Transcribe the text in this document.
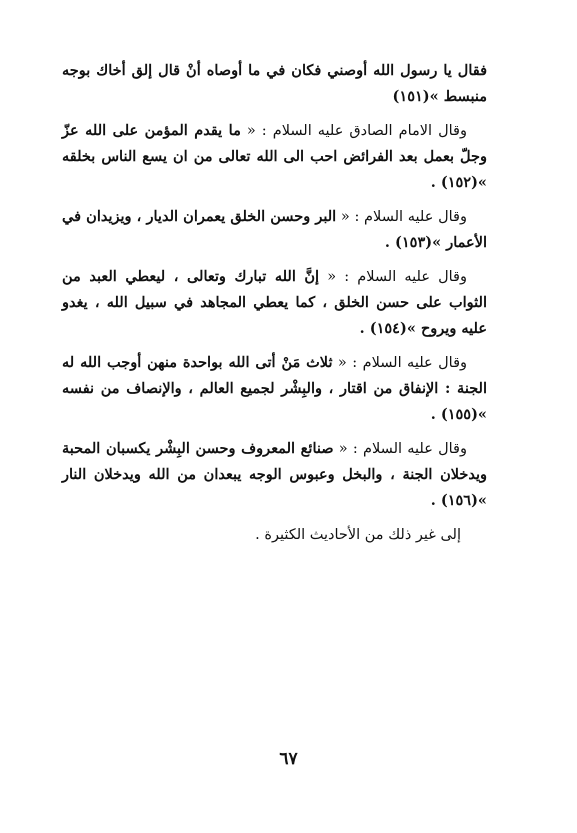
فقال يا رسول الله أوصني فكان في ما أوصاه أنْ قال إلق أخاك بوجه منبسط »(١٥١)

وقال الامام الصادق عليه السلام : « ما يقدم المؤمن على الله عزّ وجلّ بعمل بعد الفرائض احب الى الله تعالى من ان يسع الناس بخلقه »(١٥٢) .

وقال عليه السلام : « البر وحسن الخلق يعمران الديار ، ويزيدان في الأعمار »(١٥٣) .

وقال عليه السلام : « إنَّ الله تبارك وتعالى ، ليعطي العبد من الثواب على حسن الخلق ، كما يعطي المجاهد في سبيل الله ، يغدو عليه ويروح »(١٥٤) .

وقال عليه السلام : « ثلاث مَنْ أتى الله بواحدة منهن أوجب الله له الجنة : الإنفاق من اقتار ، والبِشْر لجميع العالم ، والإنصاف من نفسه »(١٥٥) .

وقال عليه السلام : « صنائع المعروف وحسن البِشْر يكسبان المحبة ويدخلان الجنة ، والبخل وعبوس الوجه يبعدان من الله ويدخلان النار »(١٥٦) .

إلى غير ذلك من الأحاديث الكثيرة .

٦٧
